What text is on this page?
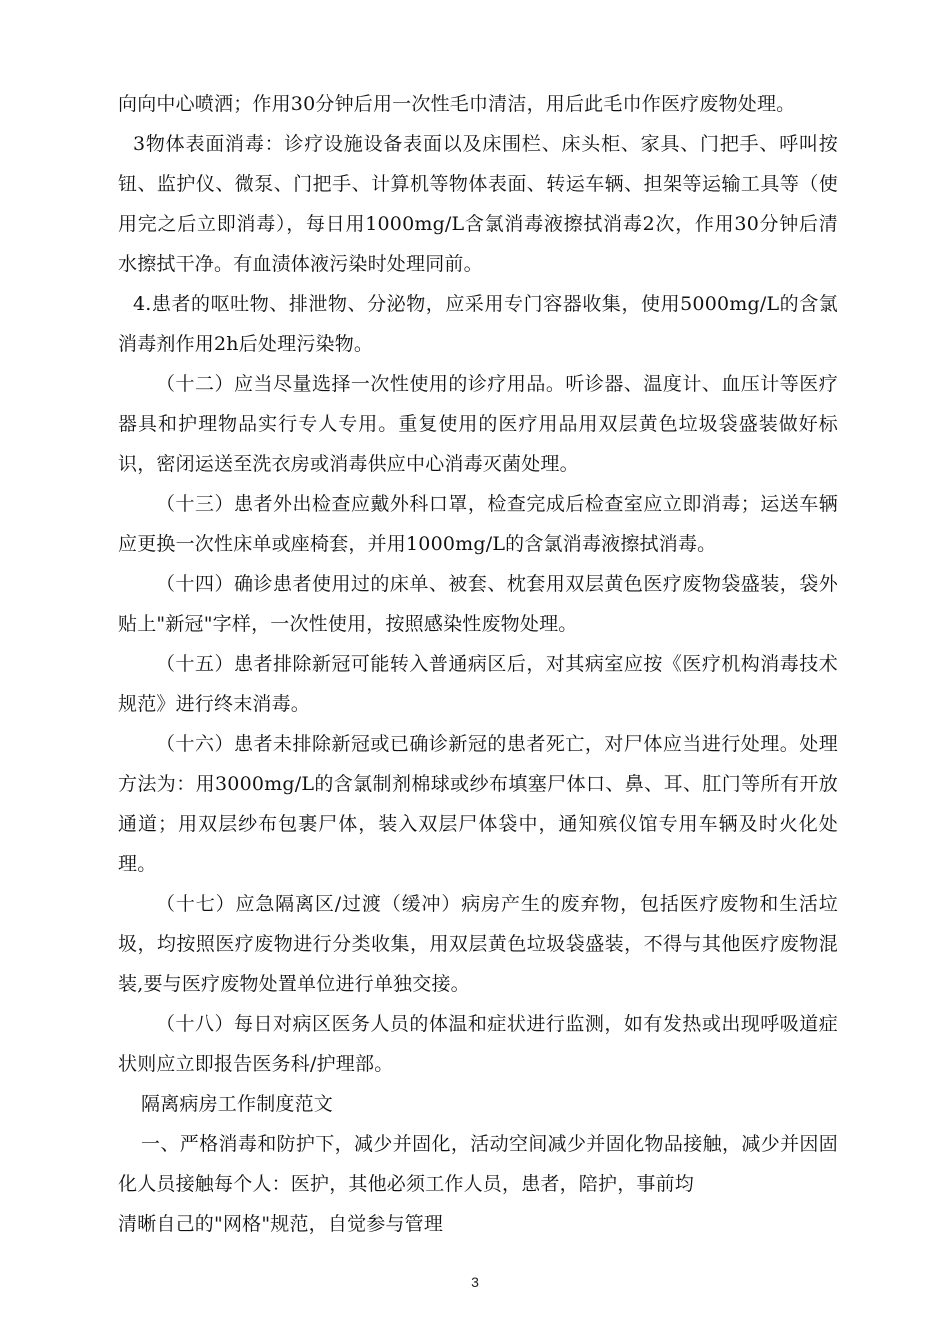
向向中心喷洒；作用30分钟后用一次性毛巾清洁，用后此毛巾作医疗废物处理。

3物体表面消毒：诊疗设施设备表面以及床围栏、床头柜、家具、门把手、呼叫按钮、监护仪、微泵、门把手、计算机等物体表面、转运车辆、担架等运输工具等（使用完之后立即消毒），每日用1000mg/L含氯消毒液擦拭消毒2次，作用30分钟后清水擦拭干净。有血渍体液污染时处理同前。

4.患者的呕吐物、排泄物、分泌物，应采用专门容器收集，使用5000mg/L的含氯消毒剂作用2h后处理污染物。

（十二）应当尽量选择一次性使用的诊疗用品。听诊器、温度计、血压计等医疗器具和护理物品实行专人专用。重复使用的医疗用品用双层黄色垃圾袋盛装做好标识，密闭运送至洗衣房或消毒供应中心消毒灭菌处理。

（十三）患者外出检查应戴外科口罩，检查完成后检查室应立即消毒；运送车辆应更换一次性床单或座椅套，并用1000mg/L的含氯消毒液擦拭消毒。

（十四）确诊患者使用过的床单、被套、枕套用双层黄色医疗废物袋盛装，袋外贴上"新冠"字样，一次性使用，按照感染性废物处理。

（十五）患者排除新冠可能转入普通病区后，对其病室应按《医疗机构消毒技术规范》进行终末消毒。

（十六）患者未排除新冠或已确诊新冠的患者死亡，对尸体应当进行处理。处理方法为：用3000mg/L的含氯制剂棉球或纱布填塞尸体口、鼻、耳、肛门等所有开放通道；用双层纱布包裹尸体，装入双层尸体袋中，通知殡仪馆专用车辆及时火化处理。

（十七）应急隔离区/过渡（缓冲）病房产生的废弃物，包括医疗废物和生活垃圾，均按照医疗废物进行分类收集，用双层黄色垃圾袋盛装，不得与其他医疗废物混装,要与医疗废物处置单位进行单独交接。

（十八）每日对病区医务人员的体温和症状进行监测，如有发热或出现呼吸道症状则应立即报告医务科/护理部。

隔离病房工作制度范文

一、严格消毒和防护下，减少并固化，活动空间减少并固化物品接触，减少并因固化人员接触每个人：医护，其他必须工作人员，患者，陪护，事前均

清晰自己的"网格"规范，自觉参与管理

3
